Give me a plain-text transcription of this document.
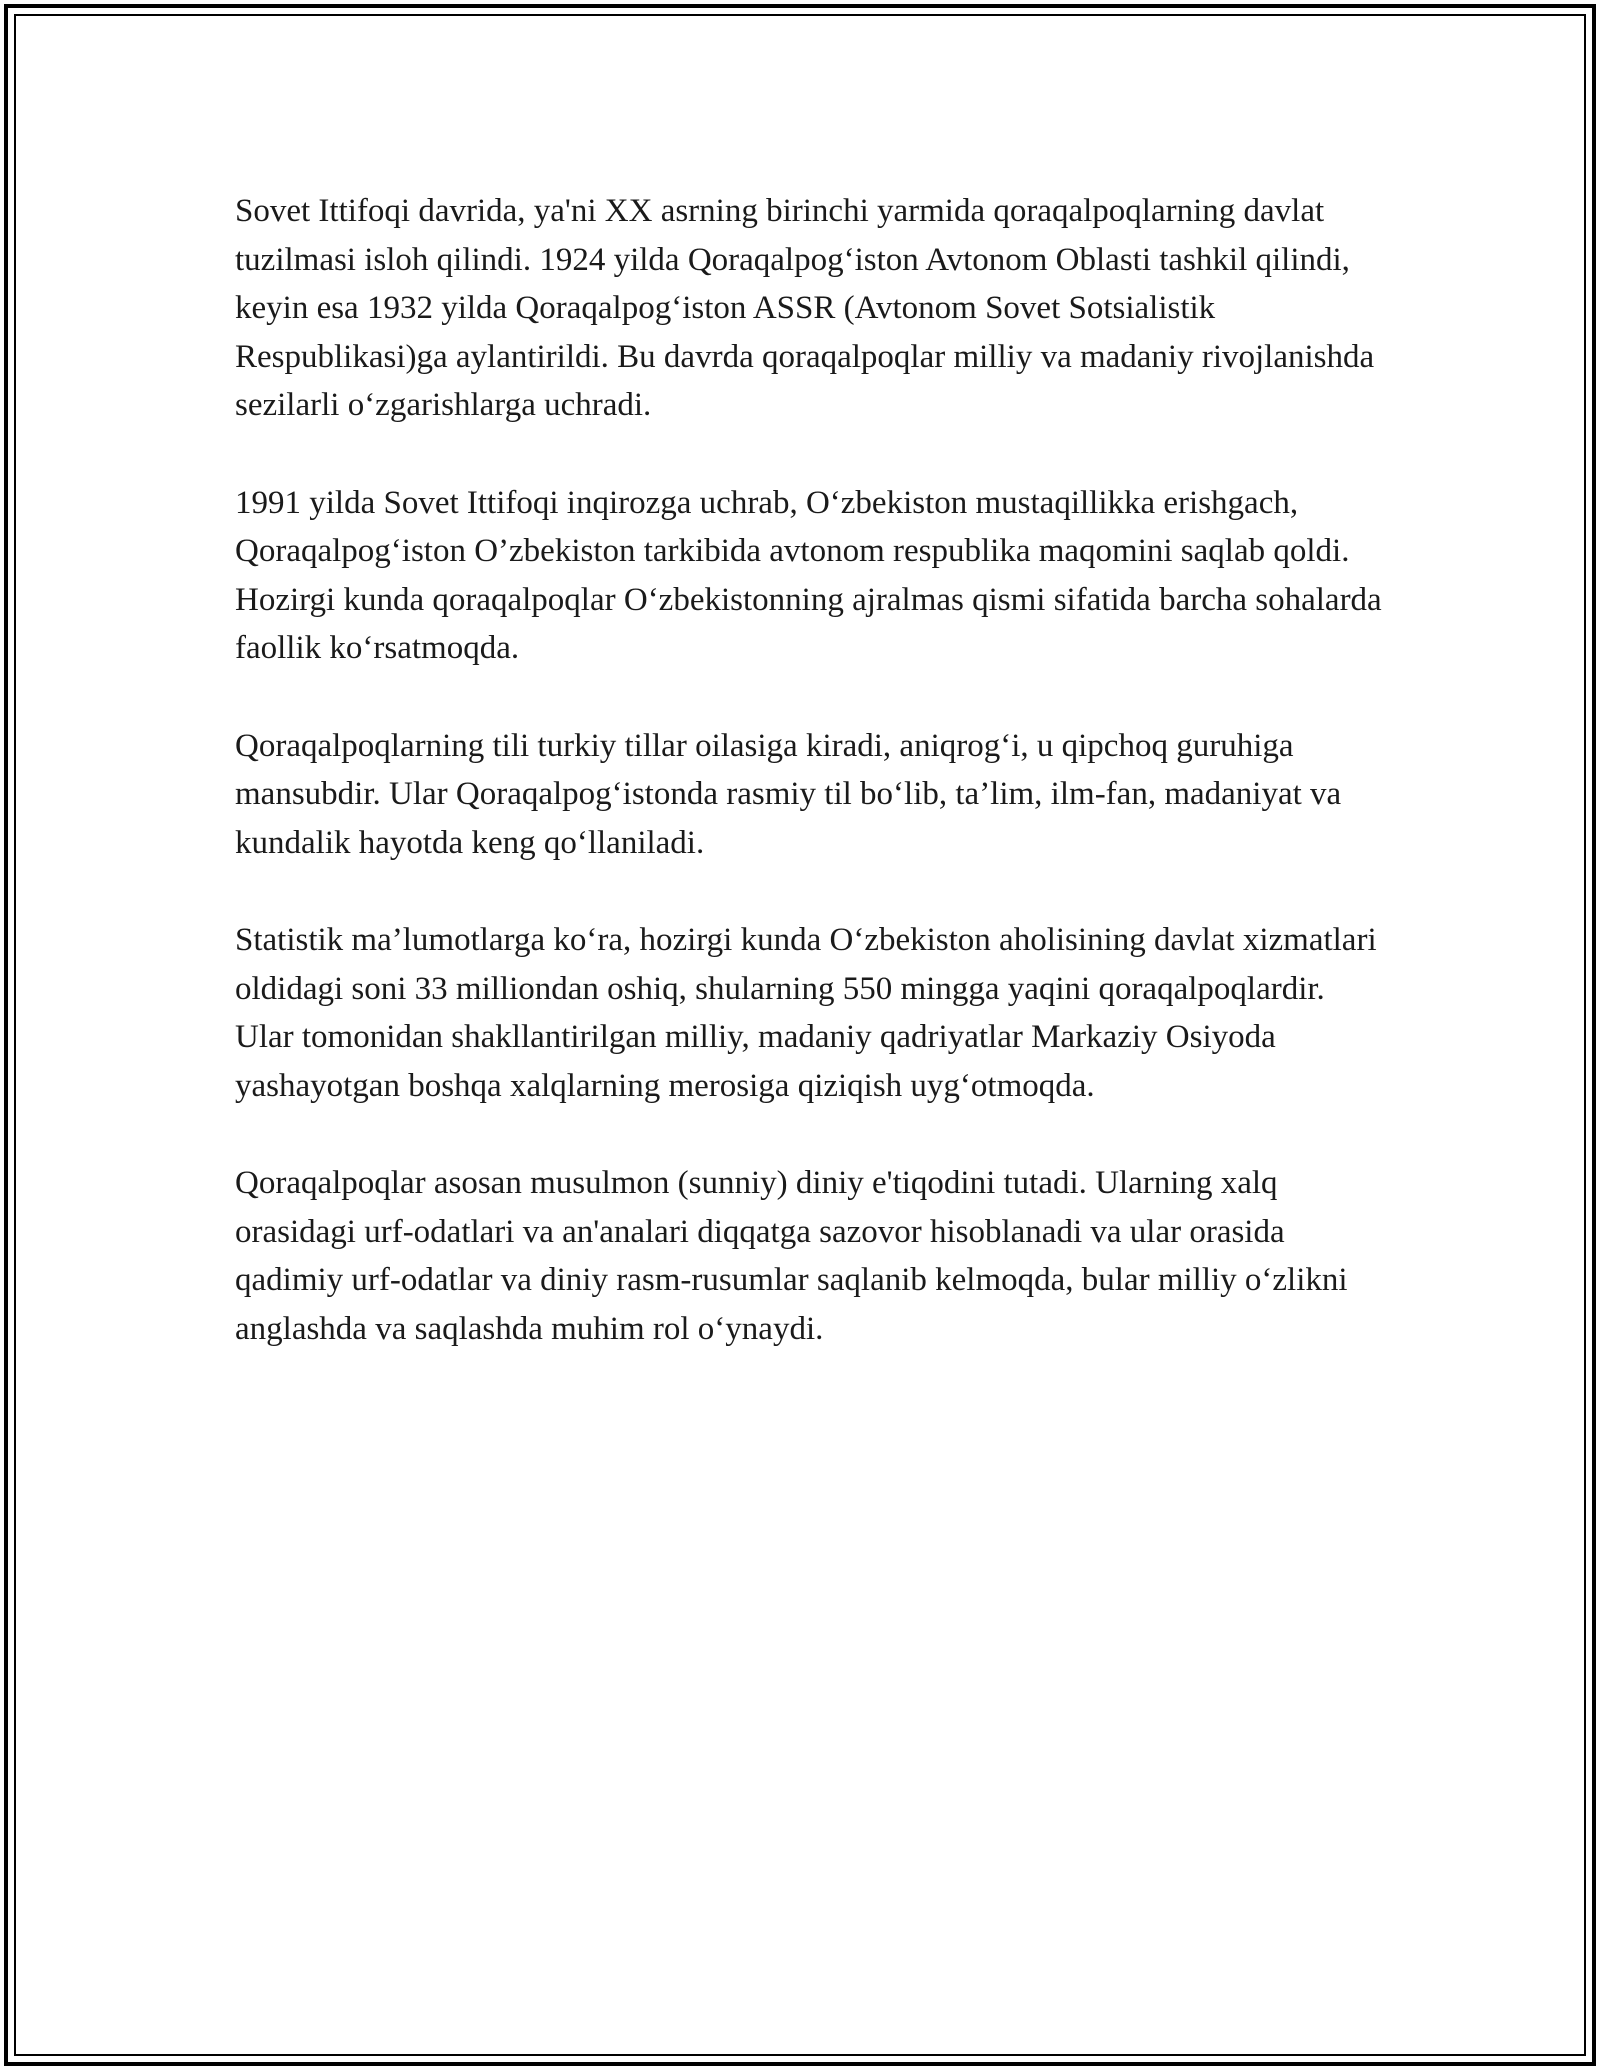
Sovet Ittifoqi davrida, ya'ni XX asrning birinchi yarmida qoraqalpoqlarning davlat tuzilmasi isloh qilindi. 1924 yilda Qoraqalpog‘iston Avtonom Oblasti tashkil qilindi, keyin esa 1932 yilda Qoraqalpog‘iston ASSR (Avtonom Sovet Sotsialistik Respublikasi)ga aylantirildi. Bu davrda qoraqalpoqlar milliy va madaniy rivojlanishda sezilarli o‘zgarishlarga uchradi.

1991 yilda Sovet Ittifoqi inqirozga uchrab, O‘zbekiston mustaqillikka erishgach, Qoraqalpog‘iston O’zbekiston tarkibida avtonom respublika maqomini saqlab qoldi. Hozirgi kunda qoraqalpoqlar O‘zbekistonning ajralmas qismi sifatida barcha sohalarda faollik ko‘rsatmoqda.

Qoraqalpoqlarning tili turkiy tillar oilasiga kiradi, aniqrog‘i, u qipchoq guruhiga mansubdir. Ular Qoraqalpog‘istonda rasmiy til bo‘lib, ta’lim, ilm-fan, madaniyat va kundalik hayotda keng qo‘llaniladi.

Statistik ma’lumotlarga ko‘ra, hozirgi kunda O‘zbekiston aholisining davlat xizmatlari oldidagi soni 33 milliondan oshiq, shularning 550 mingga yaqini qoraqalpoqlardir. Ular tomonidan shakllantirilgan milliy, madaniy qadriyatlar Markaziy Osiyoda yashayotgan boshqa xalqlarning merosiga qiziqish uyg‘otmoqda.

Qoraqalpoqlar asosan musulmon (sunniy) diniy e'tiqodini tutadi. Ularning xalq orasidagi urf-odatlari va an'analari diqqatga sazovor hisoblanadi va ular orasida qadimiy urf-odatlar va diniy rasm-rusumlar saqlanib kelmoqda, bular milliy o‘zlikni anglashda va saqlashda muhim rol o‘ynaydi.
